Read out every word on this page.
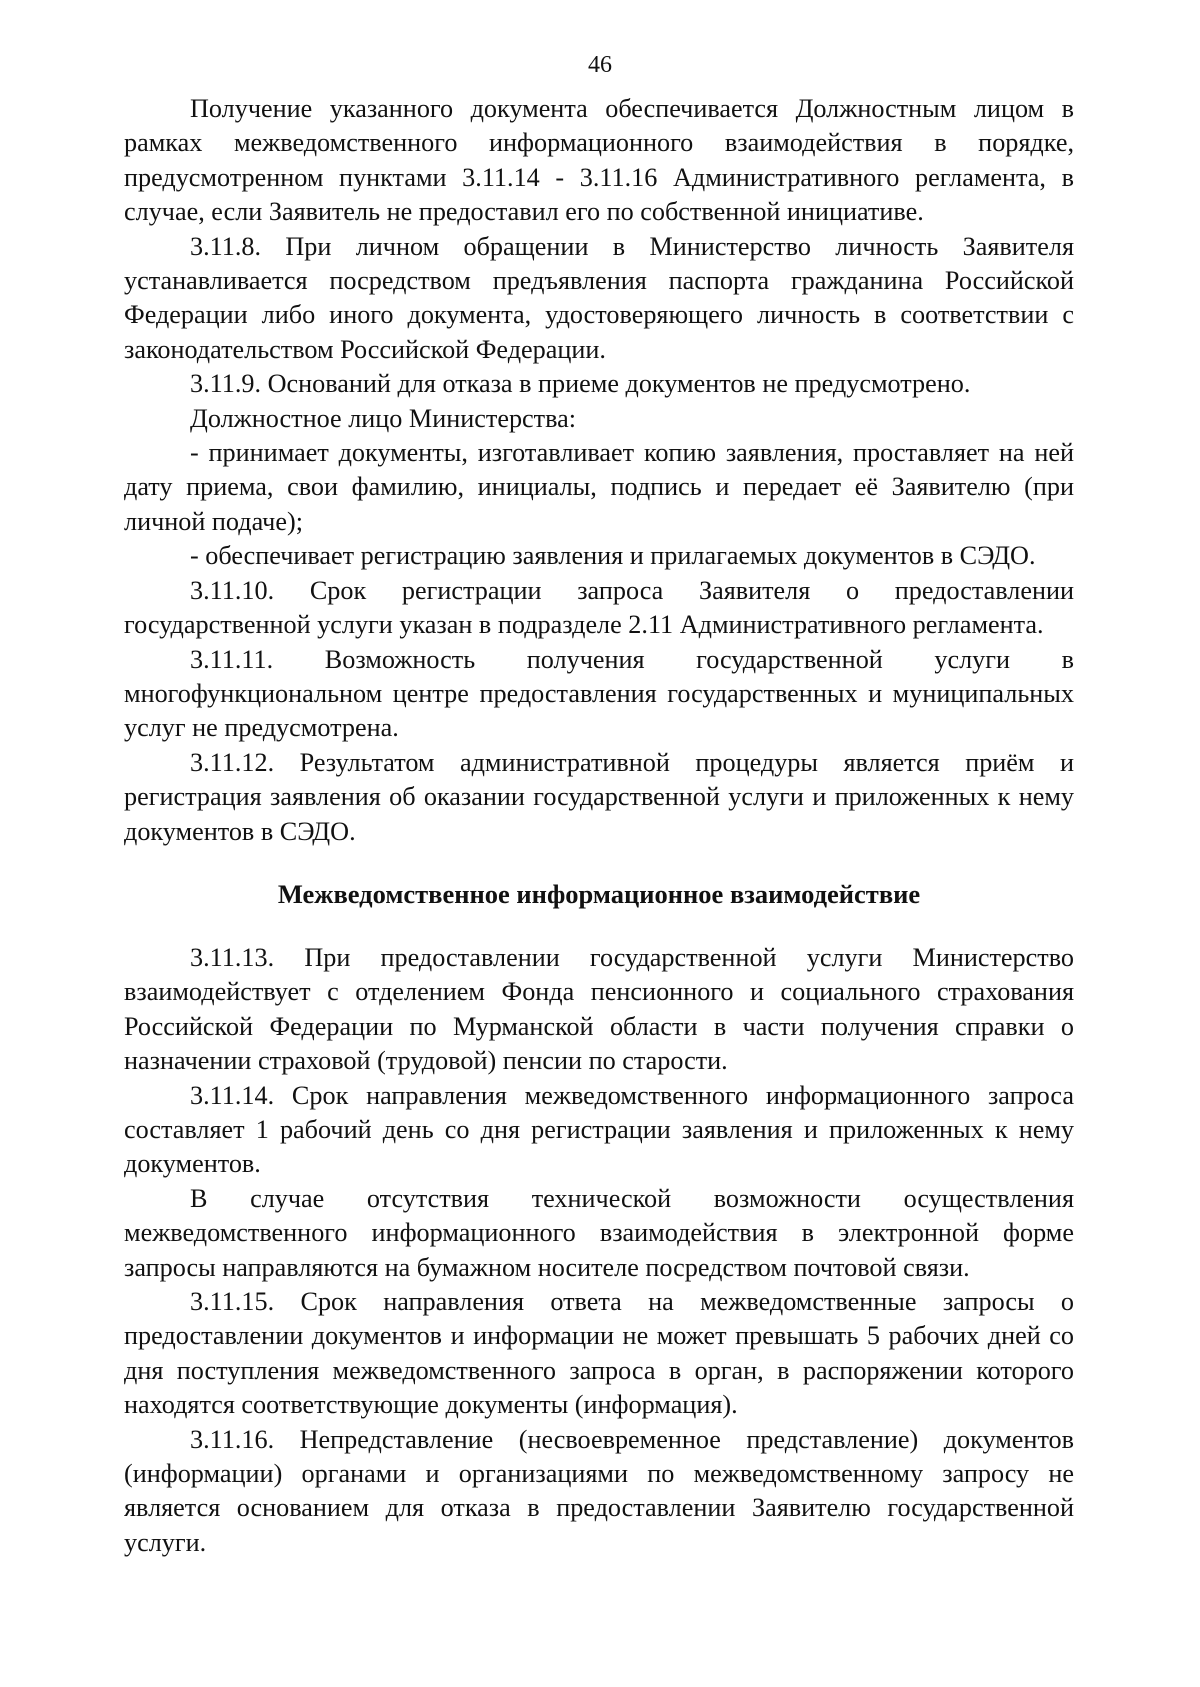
46

Получение указанного документа обеспечивается Должностным лицом в рамках межведомственного информационного взаимодействия в порядке, предусмотренном пунктами 3.11.14 - 3.11.16 Административного регламента, в случае, если Заявитель не предоставил его по собственной инициативе.

3.11.8. При личном обращении в Министерство личность Заявителя устанавливается посредством предъявления паспорта гражданина Российской Федерации либо иного документа, удостоверяющего личность в соответствии с законодательством Российской Федерации.

3.11.9. Оснований для отказа в приеме документов не предусмотрено.

Должностное лицо Министерства:

- принимает документы, изготавливает копию заявления, проставляет на ней дату приема, свои фамилию, инициалы, подпись и передает её Заявителю (при личной подаче);

- обеспечивает регистрацию заявления и прилагаемых документов в СЭДО.

3.11.10. Срок регистрации запроса Заявителя о предоставлении государственной услуги указан в подразделе 2.11 Административного регламента.

3.11.11. Возможность получения государственной услуги в многофункциональном центре предоставления государственных и муниципальных услуг не предусмотрена.

3.11.12. Результатом административной процедуры является приём и регистрация заявления об оказании государственной услуги и приложенных к нему документов в СЭДО.

Межведомственное информационное взаимодействие

3.11.13. При предоставлении государственной услуги Министерство взаимодействует с отделением Фонда пенсионного и социального страхования Российской Федерации по Мурманской области в части получения справки о назначении страховой (трудовой) пенсии по старости.

3.11.14. Срок направления межведомственного информационного запроса составляет 1 рабочий день со дня регистрации заявления и приложенных к нему документов.

В случае отсутствия технической возможности осуществления межведомственного информационного взаимодействия в электронной форме запросы направляются на бумажном носителе посредством почтовой связи.

3.11.15. Срок направления ответа на межведомственные запросы о предоставлении документов и информации не может превышать 5 рабочих дней со дня поступления межведомственного запроса в орган, в распоряжении которого находятся соответствующие документы (информация).

3.11.16. Непредставление (несвоевременное представление) документов (информации) органами и организациями по межведомственному запросу не является основанием для отказа в предоставлении Заявителю государственной услуги.
